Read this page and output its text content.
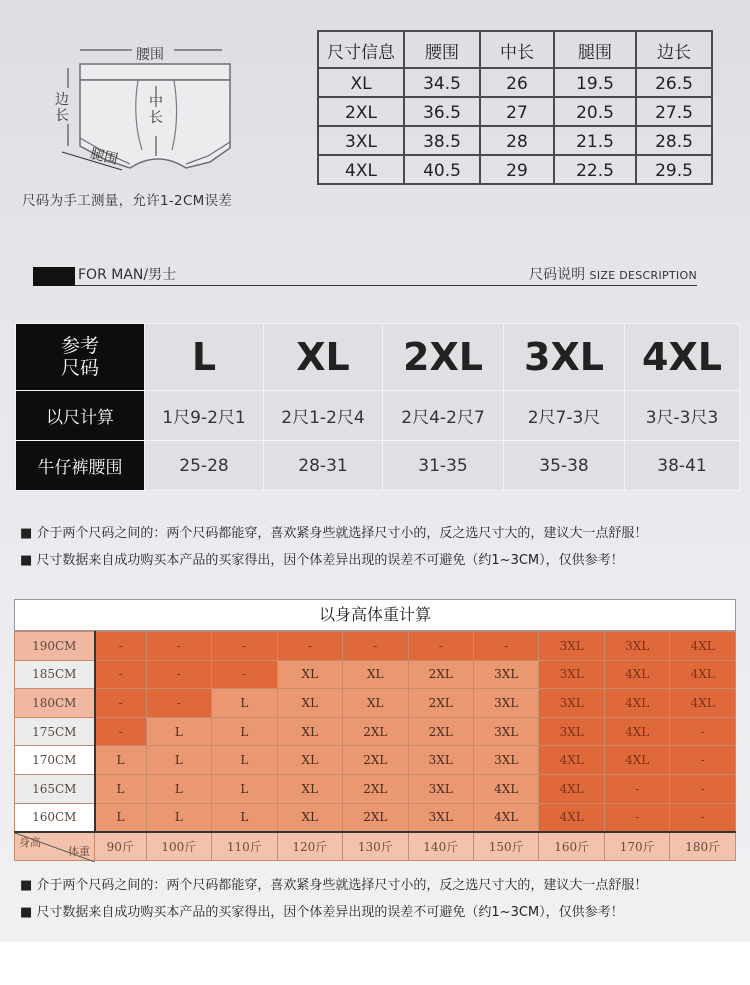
腰围
边长
中长
腿围
尺码为手工测量，允许1-2CM误差
尺寸信息	腰围	中长	腿围	边长
XL	34.5	26	19.5	26.5
2XL	36.5	27	20.5	27.5
3XL	38.5	28	21.5	28.5
4XL	40.5	29	22.5	29.5
FOR MAN/男士	尺码说明 SIZE DESCRIPTION
参考
尺码	L	XL	2XL	3XL	4XL
以尺计算	1尺9-2尺1	2尺1-2尺4	2尺4-2尺7	2尺7-3尺	3尺-3尺3
牛仔裤腰围	25-28	28-31	31-35	35-38	38-41
■ 介于两个尺码之间的：两个尺码都能穿，喜欢紧身些就选择尺寸小的，反之选尺寸大的，建议大一点舒服！
■ 尺寸数据来自成功购买本产品的买家得出，因个体差异出现的误差不可避免（约1~3CM），仅供参考！
以身高体重计算
190CM	-	-	-	-	-	-	-	3XL	3XL	4XL
185CM	-	-	-	XL	XL	2XL	3XL	3XL	4XL	4XL
180CM	-	-	L	XL	XL	2XL	3XL	3XL	4XL	4XL
175CM	-	L	L	XL	2XL	2XL	3XL	3XL	4XL	-
170CM	L	L	L	XL	2XL	3XL	3XL	4XL	4XL	-
165CM	L	L	L	XL	2XL	3XL	4XL	4XL	-	-
160CM	L	L	L	XL	2XL	3XL	4XL	4XL	-	-

身高
体重	90斤	100斤	110斤	120斤	130斤	140斤	150斤	160斤	170斤	180斤
■ 介于两个尺码之间的：两个尺码都能穿，喜欢紧身些就选择尺寸小的，反之选尺寸大的，建议大一点舒服！
■ 尺寸数据来自成功购买本产品的买家得出，因个体差异出现的误差不可避免（约1~3CM），仅供参考！
